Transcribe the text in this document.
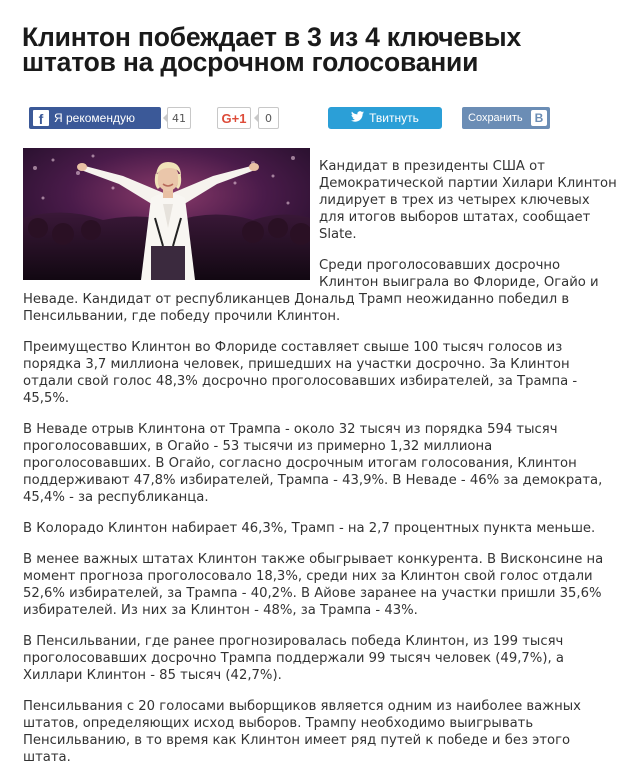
Клинтон побеждает в 3 из 4 ключевых штатов на досрочном голосовании
f Я рекомендую	41	G+1	0	Твитнуть	Сохранить В

Кандидат в президенты США от Демократической партии Хилари Клинтон лидирует в трех из четырех ключевых для итогов выборов штатах, сообщает Slate.

Среди проголосовавших досрочно Клинтон выиграла во Флориде, Огайо и Неваде. Кандидат от республиканцев Дональд Трамп неожиданно победил в Пенсильвании, где победу прочили Клинтон.

Преимущество Клинтон во Флориде составляет свыше 100 тысяч голосов из порядка 3,7 миллиона человек, пришедших на участки досрочно. За Клинтон отдали свой голос 48,3% досрочно проголосовавших избирателей, за Трампа - 45,5%.

В Неваде отрыв Клинтона от Трампа - около 32 тысяч из порядка 594 тысяч проголосовавших, в Огайо - 53 тысячи из примерно 1,32 миллиона проголосовавших. В Огайо, согласно досрочным итогам голосования, Клинтон поддерживают 47,8% избирателей, Трампа - 43,9%. В Неваде - 46% за демократа, 45,4% - за республиканца.

В Колорадо Клинтон набирает 46,3%, Трамп - на 2,7 процентных пункта меньше.

В менее важных штатах Клинтон также обыгрывает конкурента. В Висконсине на момент прогноза проголосовало 18,3%, среди них за Клинтон свой голос отдали 52,6% избирателей, за Трампа - 40,2%. В Айове заранее на участки пришли 35,6% избирателей. Из них за Клинтон - 48%, за Трампа - 43%.

В Пенсильвании, где ранее прогнозировалась победа Клинтон, из 199 тысяч проголосовавших досрочно Трампа поддержали 99 тысяч человек (49,7%), а Хиллари Клинтон - 85 тысяч (42,7%).

Пенсильвания с 20 голосами выборщиков является одним из наиболее важных штатов, определяющих исход выборов. Трампу необходимо выигрывать Пенсильванию, в то время как Клинтон имеет ряд путей к победе и без этого штата.
